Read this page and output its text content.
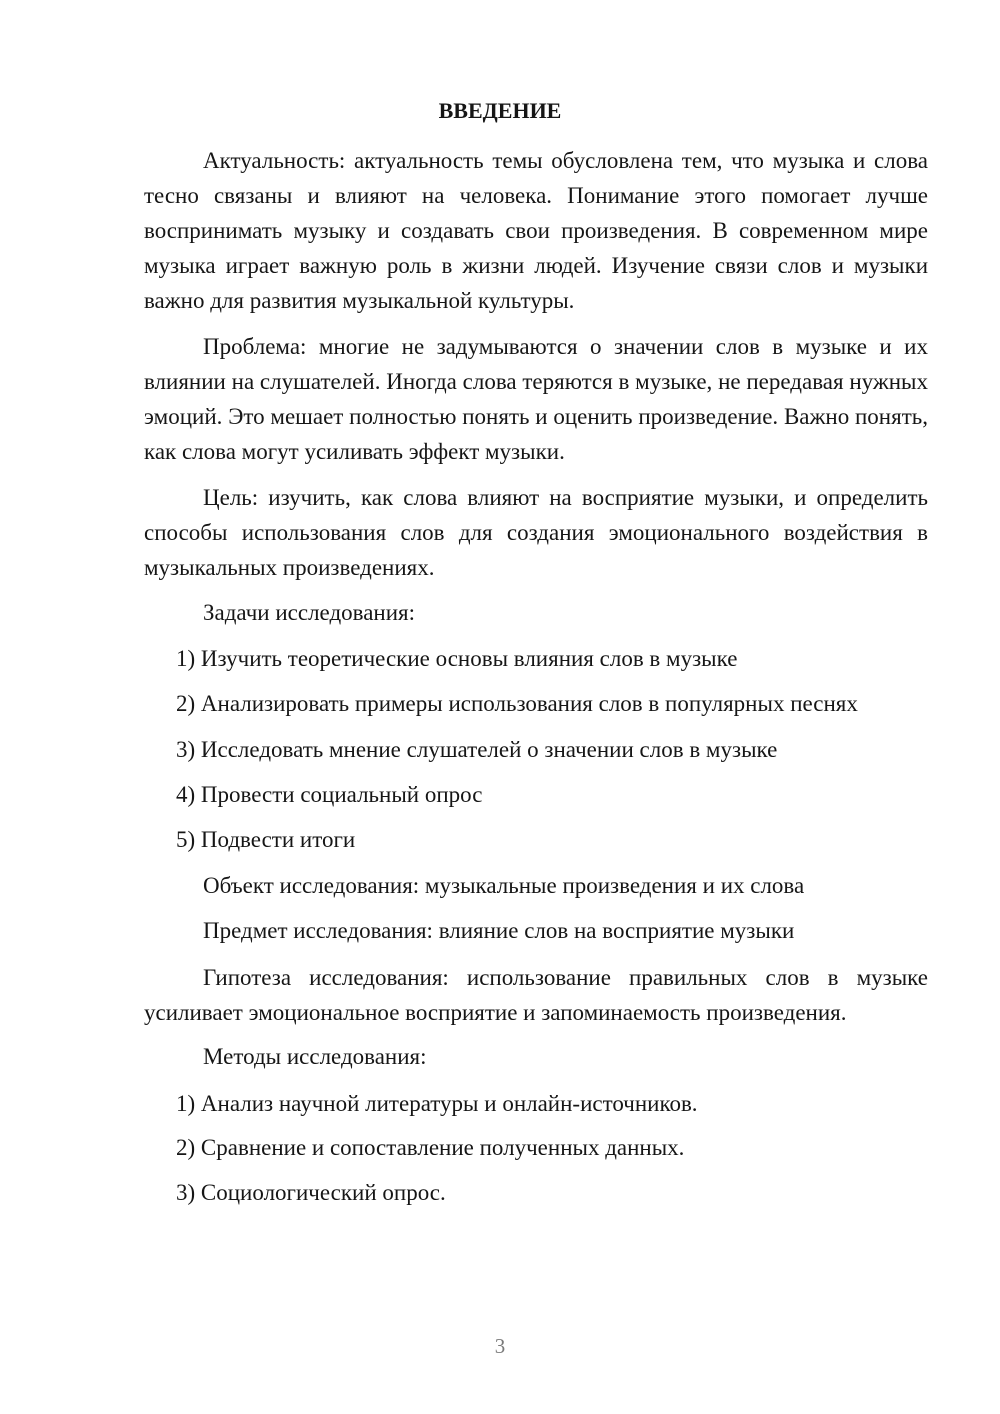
ВВЕДЕНИЕ

Актуальность: актуальность темы обусловлена тем, что музыка и слова тесно связаны и влияют на человека. Понимание этого помогает лучше воспринимать музыку и создавать свои произведения. В современном мире музыка играет важную роль в жизни людей. Изучение связи слов и музыки важно для развития музыкальной культуры.

Проблема: многие не задумываются о значении слов в музыке и их влиянии на слушателей. Иногда слова теряются в музыке, не передавая нужных эмоций. Это мешает полностью понять и оценить произведение. Важно понять, как слова могут усиливать эффект музыки.

Цель: изучить, как слова влияют на восприятие музыки, и определить способы использования слов для создания эмоционального воздействия в музыкальных произведениях.

Задачи исследования:

1) Изучить теоретические основы влияния слов в музыке

2) Анализировать примеры использования слов в популярных песнях

3) Исследовать мнение слушателей о значении слов в музыке

4) Провести социальный опрос

5) Подвести итоги

Объект исследования: музыкальные произведения и их слова

Предмет исследования: влияние слов на восприятие музыки

Гипотеза исследования: использование правильных слов в музыке усиливает эмоциональное восприятие и запоминаемость произведения.

Методы исследования:

1) Анализ научной литературы и онлайн-источников.

2) Сравнение и сопоставление полученных данных.

3) Социологический опрос.

3
